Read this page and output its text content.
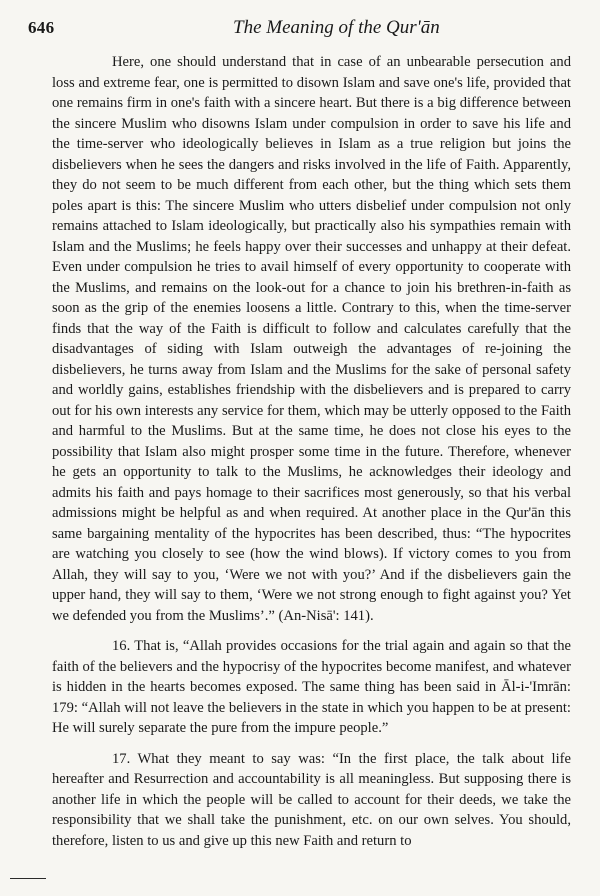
646	The Meaning of the Qur'ān

Here, one should understand that in case of an unbearable persecution and loss and extreme fear, one is permitted to disown Islam and save one's life, provided that one remains firm in one's faith with a sincere heart. But there is a big difference between the sincere Muslim who disowns Islam under compulsion in order to save his life and the time-server who ideologically believes in Islam as a true religion but joins the disbelievers when he sees the dangers and risks involved in the life of Faith. Apparently, they do not seem to be much different from each other, but the thing which sets them poles apart is this: The sincere Muslim who utters disbelief under compulsion not only remains attached to Islam ideologically, but practically also his sympathies remain with Islam and the Muslims; he feels happy over their successes and unhappy at their defeat. Even under compulsion he tries to avail himself of every opportunity to cooperate with the Muslims, and remains on the look-out for a chance to join his brethren-in-faith as soon as the grip of the enemies loosens a little. Contrary to this, when the time-server finds that the way of the Faith is difficult to follow and calculates carefully that the disadvantages of siding with Islam outweigh the advantages of re-joining the disbelievers, he turns away from Islam and the Muslims for the sake of personal safety and worldly gains, establishes friendship with the disbelievers and is prepared to carry out for his own interests any service for them, which may be utterly opposed to the Faith and harmful to the Muslims. But at the same time, he does not close his eyes to the possibility that Islam also might prosper some time in the future. Therefore, whenever he gets an opportunity to talk to the Muslims, he acknowledges their ideology and admits his faith and pays homage to their sacrifices most generously, so that his verbal admissions might be helpful as and when required. At another place in the Qur'ān this same bargaining mentality of the hypocrites has been described, thus: “The hypocrites are watching you closely to see (how the wind blows). If victory comes to you from Allah, they will say to you, ‘Were we not with you?’ And if the disbelievers gain the upper hand, they will say to them, ‘Were we not strong enough to fight against you? Yet we defended you from the Muslims’.” (An-Nisā': 141).

16. That is, “Allah provides occasions for the trial again and again so that the faith of the believers and the hypocrisy of the hypocrites become manifest, and whatever is hidden in the hearts becomes exposed. The same thing has been said in Āl-i-'Imrān: 179: “Allah will not leave the believers in the state in which you happen to be at present: He will surely separate the pure from the impure people.”

17. What they meant to say was: “In the first place, the talk about life hereafter and Resurrection and accountability is all meaningless. But supposing there is another life in which the people will be called to account for their deeds, we take the responsibility that we shall take the punishment, etc. on our own selves. You should, therefore, listen to us and give up this new Faith and return to
